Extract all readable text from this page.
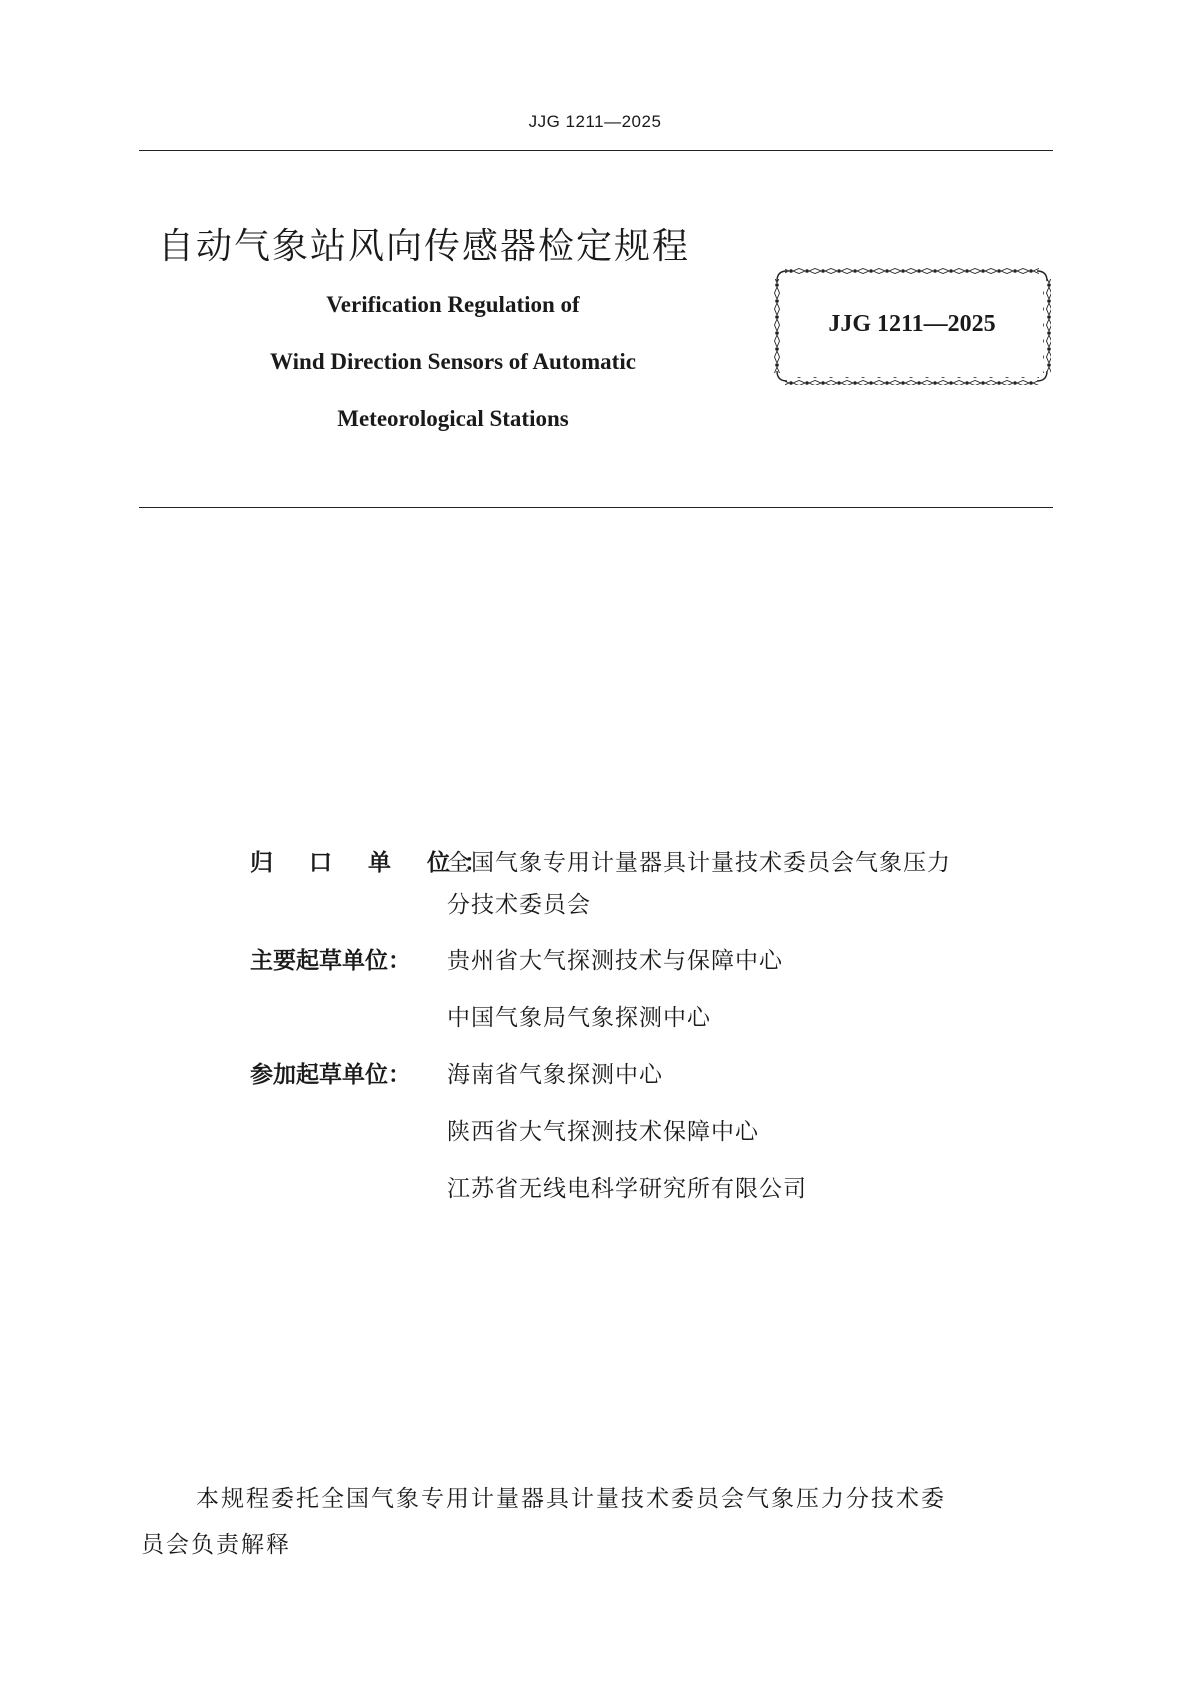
JJG 1211—2025
自动气象站风向传感器检定规程
Verification Regulation of
Wind Direction Sensors of Automatic
Meteorological Stations
JJG 1211—2025
归 口 单 位：
全国气象专用计量器具计量技术委员会气象压力
分技术委员会
主要起草单位：	贵州省大气探测技术与保障中心
中国气象局气象探测中心
参加起草单位：	海南省气象探测中心
陕西省大气探测技术保障中心
江苏省无线电科学研究所有限公司
本规程委托全国气象专用计量器具计量技术委员会气象压力分技术委
员会负责解释
